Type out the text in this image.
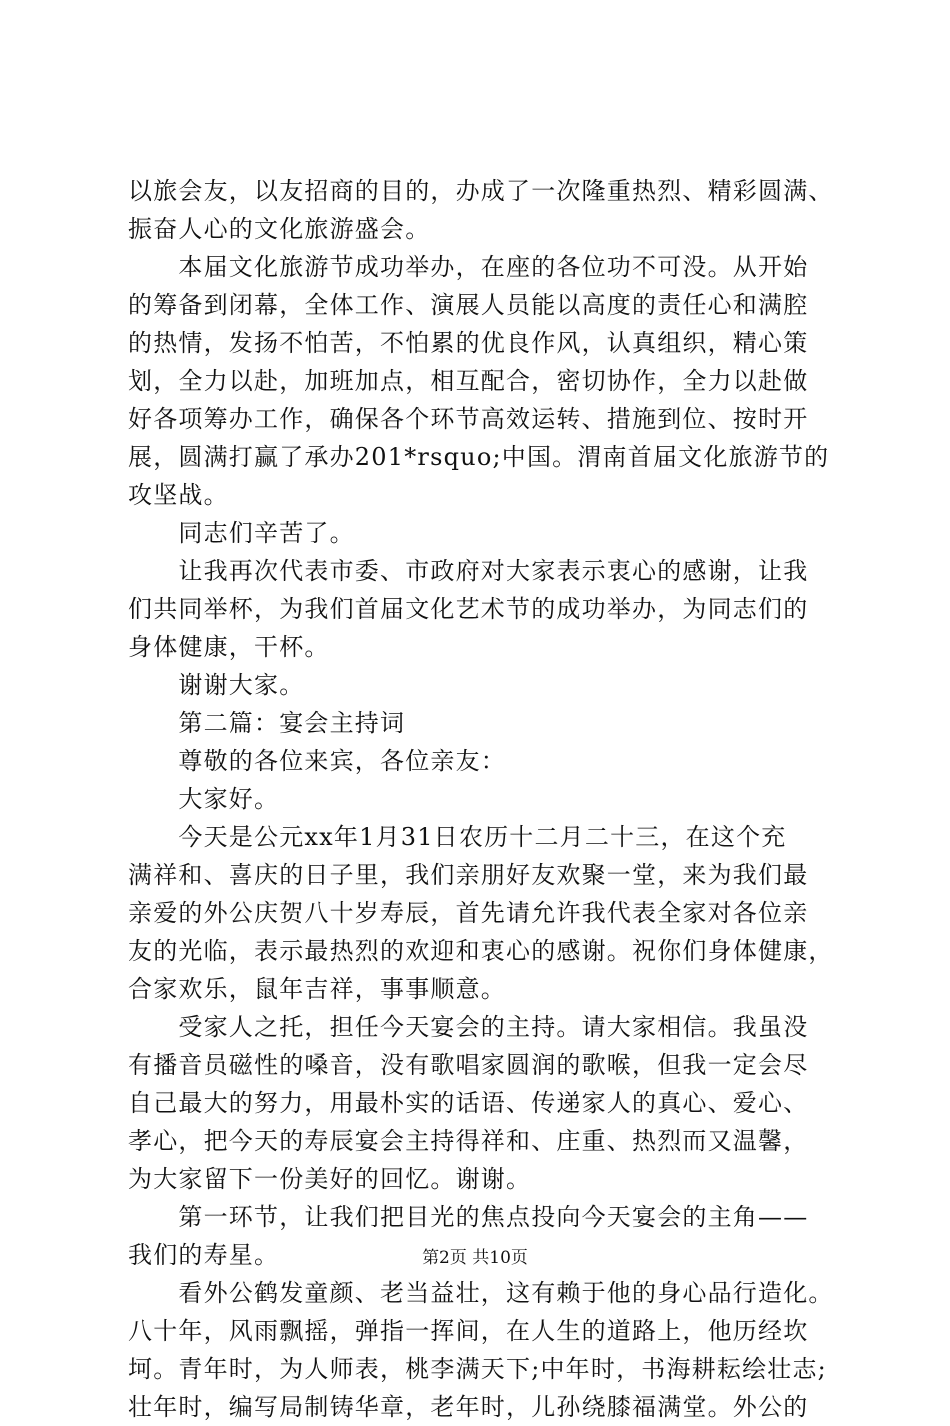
以旅会友，以友招商的目的，办成了一次隆重热烈、精彩圆满、
振奋人心的文化旅游盛会。
　　本届文化旅游节成功举办，在座的各位功不可没。从开始
的筹备到闭幕，全体工作、演展人员能以高度的责任心和满腔
的热情，发扬不怕苦，不怕累的优良作风，认真组织，精心策
划，全力以赴，加班加点，相互配合，密切协作，全力以赴做
好各项筹办工作，确保各个环节高效运转、措施到位、按时开
展，圆满打赢了承办201*rsquo;中国。渭南首届文化旅游节的
攻坚战。
　　同志们辛苦了。
　　让我再次代表市委、市政府对大家表示衷心的感谢，让我
们共同举杯，为我们首届文化艺术节的成功举办，为同志们的
身体健康，干杯。
　　谢谢大家。
　　第二篇：宴会主持词
　　尊敬的各位来宾，各位亲友：
　　大家好。
　　今天是公元xx年1月31日农历十二月二十三，在这个充
满祥和、喜庆的日子里，我们亲朋好友欢聚一堂，来为我们最
亲爱的外公庆贺八十岁寿辰，首先请允许我代表全家对各位亲
友的光临，表示最热烈的欢迎和衷心的感谢。祝你们身体健康，
合家欢乐，鼠年吉祥，事事顺意。
　　受家人之托，担任今天宴会的主持。请大家相信。我虽没
有播音员磁性的嗓音，没有歌唱家圆润的歌喉，但我一定会尽
自己最大的努力，用最朴实的话语、传递家人的真心、爱心、
孝心，把今天的寿辰宴会主持得祥和、庄重、热烈而又温馨，
为大家留下一份美好的回忆。谢谢。
　　第一环节，让我们把目光的焦点投向今天宴会的主角——
我们的寿星。
　　看外公鹤发童颜、老当益壮，这有赖于他的身心品行造化。
八十年，风雨飘摇，弹指一挥间，在人生的道路上，他历经坎
坷。青年时，为人师表，桃李满天下;中年时，书海耕耘绘壮志;
壮年时，编写局制铸华章，老年时，儿孙绕膝福满堂。外公的
第2页 共10页
